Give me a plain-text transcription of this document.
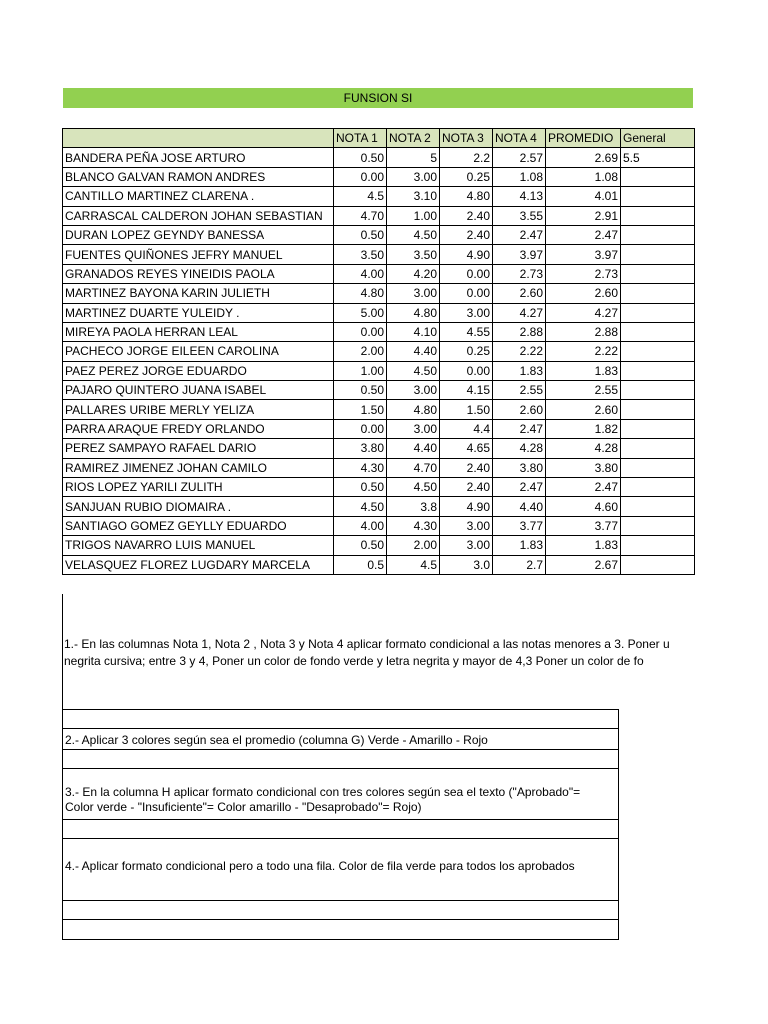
FUNSION SI
	NOTA 1	NOTA 2	NOTA 3	NOTA 4	PROMEDIO	General
BANDERA PEÑA JOSE ARTURO	0.50	5	2.2	2.57	2.69	5.5
BLANCO GALVAN RAMON ANDRES	0.00	3.00	0.25	1.08	1.08	
CANTILLO MARTINEZ CLARENA .	4.5	3.10	4.80	4.13	4.01	
CARRASCAL CALDERON JOHAN SEBASTIAN	4.70	1.00	2.40	3.55	2.91	
DURAN LOPEZ GEYNDY BANESSA	0.50	4.50	2.40	2.47	2.47	
FUENTES QUIÑONES JEFRY MANUEL	3.50	3.50	4.90	3.97	3.97	
GRANADOS REYES YINEIDIS PAOLA	4.00	4.20	0.00	2.73	2.73	
MARTINEZ BAYONA KARIN JULIETH	4.80	3.00	0.00	2.60	2.60	
MARTINEZ DUARTE YULEIDY .	5.00	4.80	3.00	4.27	4.27	
MIREYA PAOLA HERRAN LEAL	0.00	4.10	4.55	2.88	2.88	
PACHECO JORGE EILEEN CAROLINA	2.00	4.40	0.25	2.22	2.22	
PAEZ PEREZ JORGE EDUARDO	1.00	4.50	0.00	1.83	1.83	
PAJARO QUINTERO JUANA ISABEL	0.50	3.00	4.15	2.55	2.55	
PALLARES URIBE MERLY YELIZA	1.50	4.80	1.50	2.60	2.60	
PARRA ARAQUE FREDY ORLANDO	0.00	3.00	4.4	2.47	1.82	
PEREZ SAMPAYO RAFAEL DARIO	3.80	4.40	4.65	4.28	4.28	
RAMIREZ JIMENEZ JOHAN CAMILO	4.30	4.70	2.40	3.80	3.80	
RIOS LOPEZ YARILI ZULITH	0.50	4.50	2.40	2.47	2.47	
SANJUAN RUBIO DIOMAIRA .	4.50	3.8	4.90	4.40	4.60	
SANTIAGO GOMEZ GEYLLY EDUARDO	4.00	4.30	3.00	3.77	3.77	
TRIGOS NAVARRO LUIS MANUEL	0.50	2.00	3.00	1.83	1.83	
VELASQUEZ FLOREZ LUGDARY MARCELA	0.5	4.5	3.0	2.7	2.67	
1.- En las columnas Nota 1, Nota 2 , Nota 3 y Nota 4 aplicar formato condicional a las notas menores a 3. Poner u
negrita cursiva; entre 3 y 4, Poner un color de fondo verde y letra negrita y mayor de 4,3 Poner un color de fo
2.- Aplicar 3 colores según sea el promedio (columna G) Verde - Amarillo - Rojo
3.- En la columna H aplicar formato condicional con tres colores según sea el texto ("Aprobado"=
Color verde - "Insuficiente"= Color amarillo - "Desaprobado"= Rojo)
4.- Aplicar formato condicional pero a todo una fila. Color de fila verde para todos los aprobados
